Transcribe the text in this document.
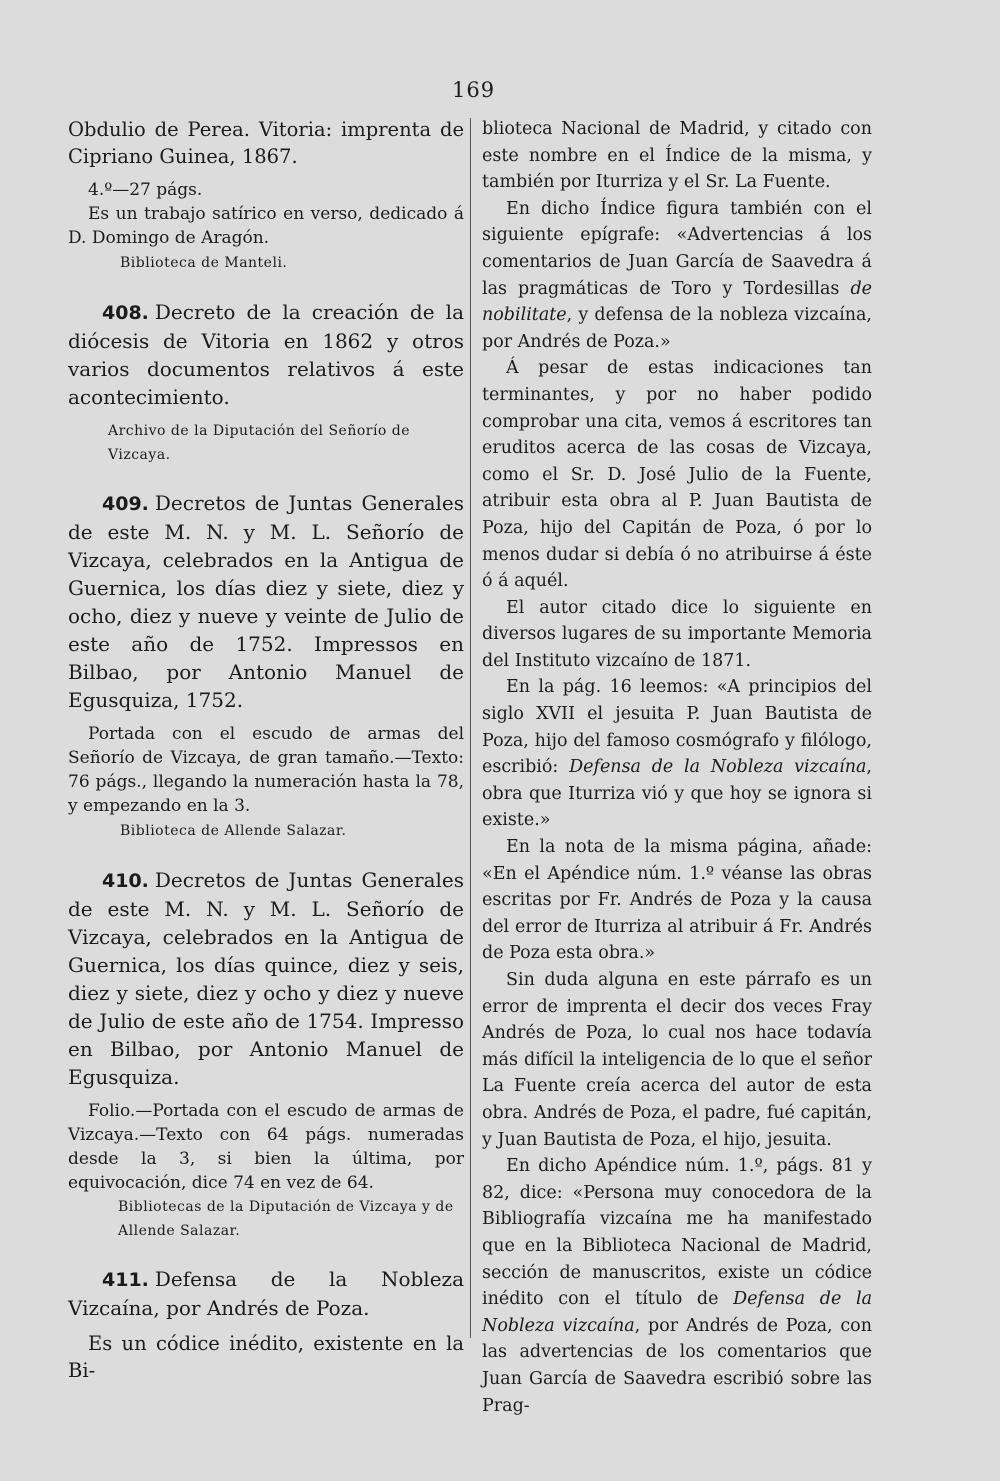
169

Obdulio de Perea. Vitoria: imprenta de Cipriano Guinea, 1867.

4.º—27 págs.

Es un trabajo satírico en verso, dedicado á D. Domingo de Aragón.

Biblioteca de Manteli.

408. Decreto de la creación de la diócesis de Vitoria en 1862 y otros varios documentos relativos á este acontecimiento.

Archivo de la Diputación del Señorío de Vizcaya.

409. Decretos de Juntas Generales de este M. N. y M. L. Señorío de Vizcaya, celebrados en la Antigua de Guernica, los días diez y siete, diez y ocho, diez y nueve y veinte de Julio de este año de 1752. Impressos en Bilbao, por Antonio Manuel de Egusquiza, 1752.

Portada con el escudo de armas del Señorío de Vizcaya, de gran tamaño.—Texto: 76 págs., llegando la numeración hasta la 78, y empezando en la 3.

Biblioteca de Allende Salazar.

410. Decretos de Juntas Generales de este M. N. y M. L. Señorío de Vizcaya, celebrados en la Antigua de Guernica, los días quince, diez y seis, diez y siete, diez y ocho y diez y nueve de Julio de este año de 1754. Impresso en Bilbao, por Antonio Manuel de Egusquiza.

Folio.—Portada con el escudo de armas de Vizcaya.—Texto con 64 págs. numeradas desde la 3, si bien la última, por equivocación, dice 74 en vez de 64.

Bibliotecas de la Diputación de Vizcaya y de Allende Salazar.

411. Defensa de la Nobleza Vizcaína, por Andrés de Poza.

Es un códice inédito, existente en la Bi-

blioteca Nacional de Madrid, y citado con este nombre en el Índice de la misma, y también por Iturriza y el Sr. La Fuente.

En dicho Índice figura también con el siguiente epígrafe: «Advertencias á los comentarios de Juan García de Saavedra á las pragmáticas de Toro y Tordesillas de nobilitate, y defensa de la nobleza vizcaína, por Andrés de Poza.»

Á pesar de estas indicaciones tan terminantes, y por no haber podido comprobar una cita, vemos á escritores tan eruditos acerca de las cosas de Vizcaya, como el Sr. D. José Julio de la Fuente, atribuir esta obra al P. Juan Bautista de Poza, hijo del Capitán de Poza, ó por lo menos dudar si debía ó no atribuirse á éste ó á aquél.

El autor citado dice lo siguiente en diversos lugares de su importante Memoria del Instituto vizcaíno de 1871.

En la pág. 16 leemos: «A principios del siglo XVII el jesuita P. Juan Bautista de Poza, hijo del famoso cosmógrafo y filólogo, escribió: Defensa de la Nobleza vizcaína, obra que Iturriza vió y que hoy se ignora si existe.»

En la nota de la misma página, añade: «En el Apéndice núm. 1.º véanse las obras escritas por Fr. Andrés de Poza y la causa del error de Iturriza al atribuir á Fr. Andrés de Poza esta obra.»

Sin duda alguna en este párrafo es un error de imprenta el decir dos veces Fray Andrés de Poza, lo cual nos hace todavía más difícil la inteligencia de lo que el señor La Fuente creía acerca del autor de esta obra. Andrés de Poza, el padre, fué capitán, y Juan Bautista de Poza, el hijo, jesuita.

En dicho Apéndice núm. 1.º, págs. 81 y 82, dice: «Persona muy conocedora de la Bibliografía vizcaína me ha manifestado que en la Biblioteca Nacional de Madrid, sección de manuscritos, existe un códice inédito con el título de Defensa de la Nobleza vizcaína, por Andrés de Poza, con las advertencias de los comentarios que Juan García de Saavedra escribió sobre las Prag-
